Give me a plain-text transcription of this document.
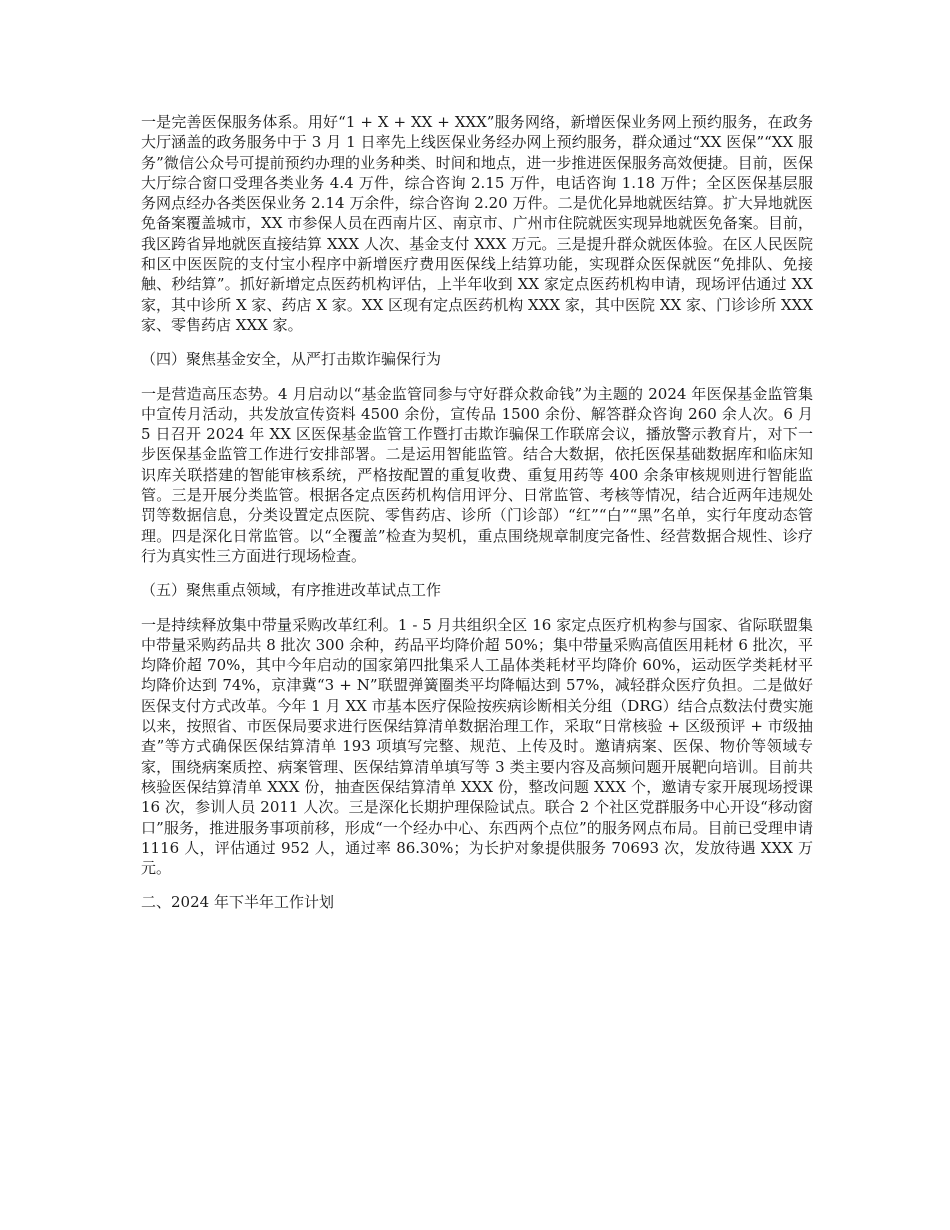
一是完善医保服务体系。用好“1 + X + XX + XXX”服务网络，新增医保业务网上预约服务，在政务大厅涵盖的政务服务中于 3 月 1 日率先上线医保业务经办网上预约服务，群众通过“XX 医保”“XX 服务”微信公众号可提前预约办理的业务种类、时间和地点，进一步推进医保服务高效便捷。目前，医保大厅综合窗口受理各类业务 4.4 万件，综合咨询 2.15 万件，电话咨询 1.18 万件；全区医保基层服务网点经办各类医保业务 2.14 万余件，综合咨询 2.20 万件。二是优化异地就医结算。扩大异地就医免备案覆盖城市，XX 市参保人员在西南片区、南京市、广州市住院就医实现异地就医免备案。目前，我区跨省异地就医直接结算 XXX 人次、基金支付 XXX 万元。三是提升群众就医体验。在区人民医院和区中医医院的支付宝小程序中新增医疗费用医保线上结算功能，实现群众医保就医“免排队、免接触、秒结算”。抓好新增定点医药机构评估，上半年收到 XX 家定点医药机构申请，现场评估通过 XX 家，其中诊所 X 家、药店 X 家。XX 区现有定点医药机构 XXX 家，其中医院 XX 家、门诊诊所 XXX 家、零售药店 XXX 家。

（四）聚焦基金安全，从严打击欺诈骗保行为

一是营造高压态势。4 月启动以“基金监管同参与守好群众救命钱”为主题的 2024 年医保基金监管集中宣传月活动，共发放宣传资料 4500 余份，宣传品 1500 余份、解答群众咨询 260 余人次。6 月 5 日召开 2024 年 XX 区医保基金监管工作暨打击欺诈骗保工作联席会议，播放警示教育片，对下一步医保基金监管工作进行安排部署。二是运用智能监管。结合大数据，依托医保基础数据库和临床知识库关联搭建的智能审核系统，严格按配置的重复收费、重复用药等 400 余条审核规则进行智能监管。三是开展分类监管。根据各定点医药机构信用评分、日常监管、考核等情况，结合近两年违规处罚等数据信息，分类设置定点医院、零售药店、诊所（门诊部）“红”“白”“黑”名单，实行年度动态管理。四是深化日常监管。以“全覆盖”检查为契机，重点围绕规章制度完备性、经营数据合规性、诊疗行为真实性三方面进行现场检查。

（五）聚焦重点领域，有序推进改革试点工作

一是持续释放集中带量采购改革红利。1 - 5 月共组织全区 16 家定点医疗机构参与国家、省际联盟集中带量采购药品共 8 批次 300 余种，药品平均降价超 50%；集中带量采购高值医用耗材 6 批次，平均降价超 70%，其中今年启动的国家第四批集采人工晶体类耗材平均降价 60%，运动医学类耗材平均降价达到 74%，京津冀“3 + N”联盟弹簧圈类平均降幅达到 57%，减轻群众医疗负担。二是做好医保支付方式改革。今年 1 月 XX 市基本医疗保险按疾病诊断相关分组（DRG）结合点数法付费实施以来，按照省、市医保局要求进行医保结算清单数据治理工作，采取“日常核验 + 区级预评 + 市级抽查”等方式确保医保结算清单 193 项填写完整、规范、上传及时。邀请病案、医保、物价等领域专家，围绕病案质控、病案管理、医保结算清单填写等 3 类主要内容及高频问题开展靶向培训。目前共核验医保结算清单 XXX 份，抽查医保结算清单 XXX 份，整改问题 XXX 个，邀请专家开展现场授课 16 次，参训人员 2011 人次。三是深化长期护理保险试点。联合 2 个社区党群服务中心开设“移动窗口”服务，推进服务事项前移，形成“一个经办中心、东西两个点位”的服务网点布局。目前已受理申请 1116 人，评估通过 952 人，通过率 86.30%；为长护对象提供服务 70693 次，发放待遇 XXX 万元。

二、2024 年下半年工作计划
